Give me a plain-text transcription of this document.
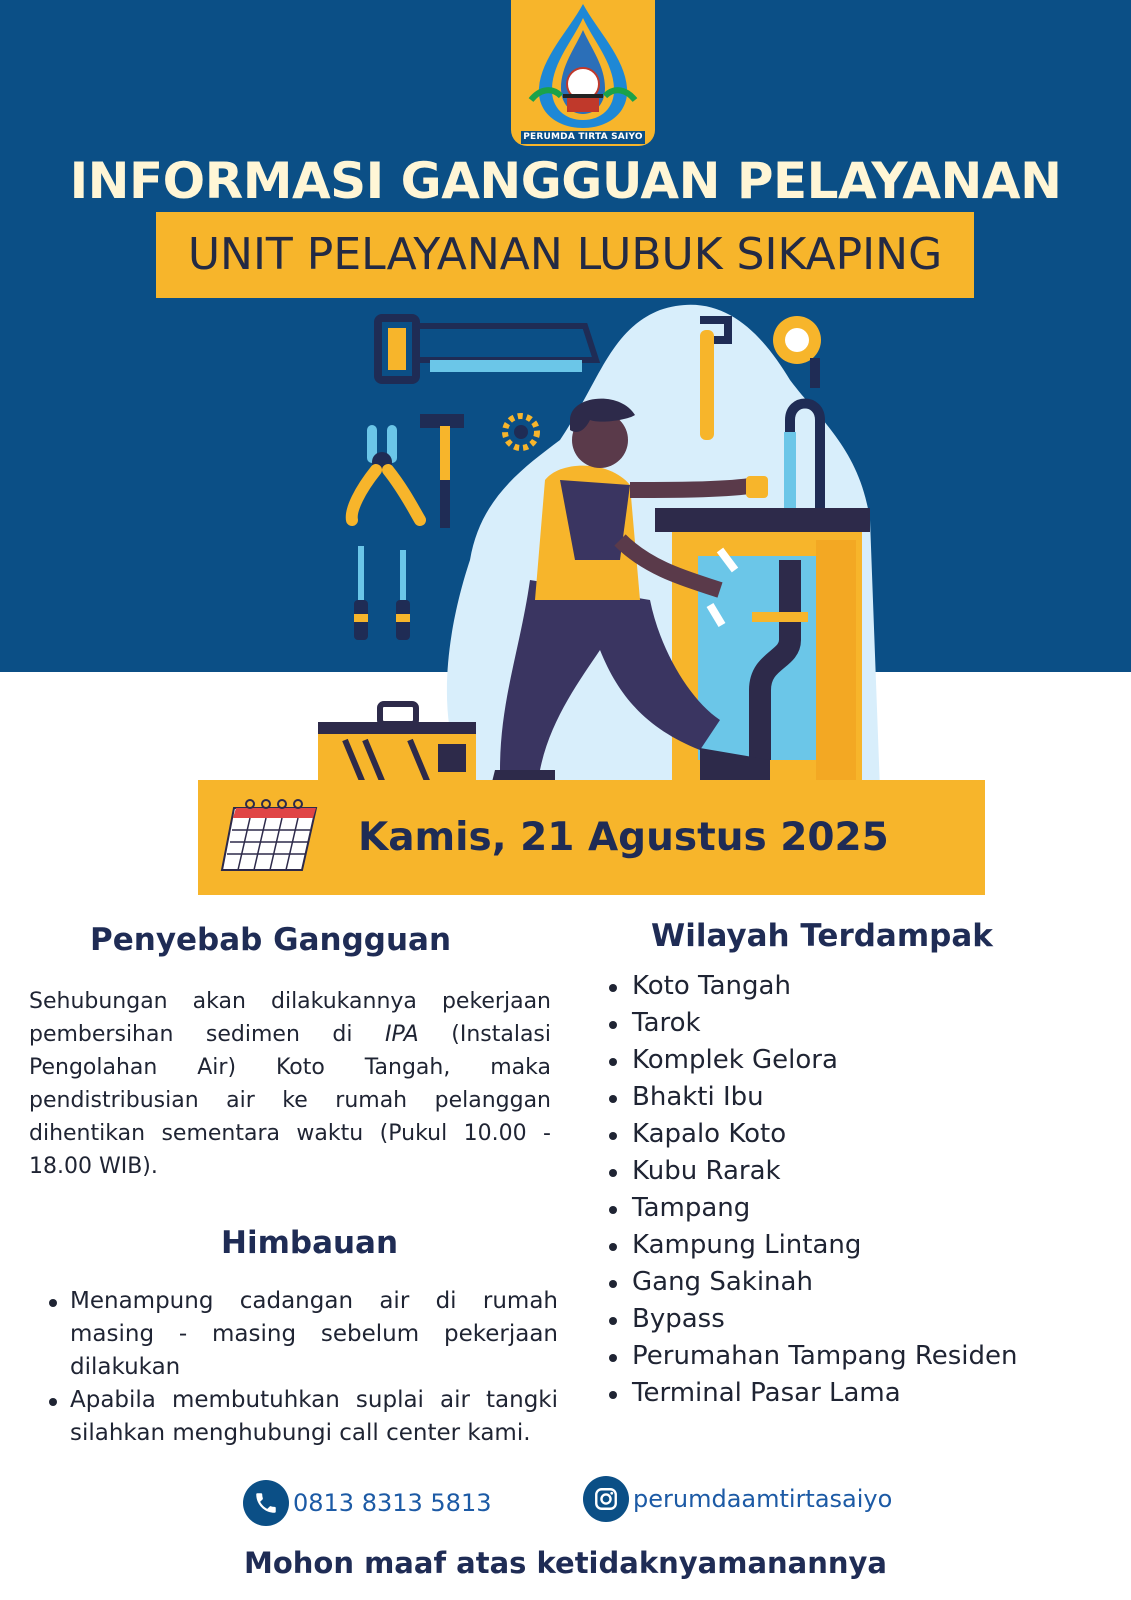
PERUMDA TIRTA SAIYO
INFORMASI GANGGUAN PELAYANAN
UNIT PELAYANAN LUBUK SIKAPING
Kamis, 21 Agustus 2025
Penyebab Gangguan
Sehubungan akan dilakukannya pekerjaan pembersihan sedimen di IPA (Instalasi Pengolahan Air) Koto Tangah, maka pendistribusian air ke rumah pelanggan dihentikan sementara waktu (Pukul 10.00 - 18.00 WIB).
Himbauan
Menampung cadangan air di rumah masing - masing sebelum pekerjaan dilakukan
Apabila membutuhkan suplai air tangki silahkan menghubungi call center kami.
Wilayah Terdampak
Koto Tangah
Tarok
Komplek Gelora
Bhakti Ibu
Kapalo Koto
Kubu Rarak
Tampang
Kampung Lintang
Gang Sakinah
Bypass
Perumahan Tampang Residen
Terminal Pasar Lama
0813 8313 5813	perumdaamtirtasaiyo
Mohon maaf atas ketidaknyamanannya
